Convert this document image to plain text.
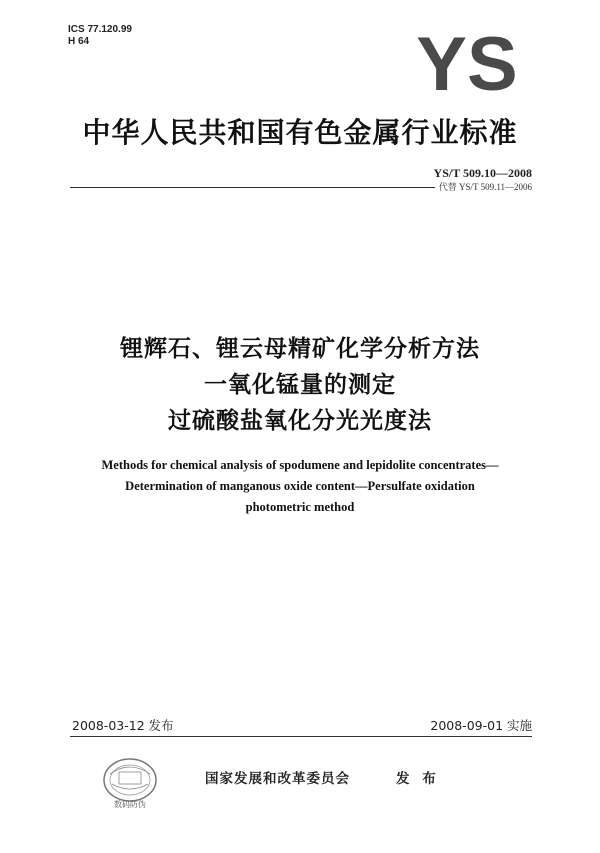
ICS 77.120.99
H 64	YS
中华人民共和国有色金属行业标准
YS/T 509.10—2008
代替 YS/T 509.11—2006
锂辉石、锂云母精矿化学分析方法
一氧化锰量的测定
过硫酸盐氧化分光光度法
Methods for chemical analysis of spodumene and lepidolite concentrates—
Determination of manganous oxide content—Persulfate oxidation
photometric method
2008-03-12 发布	2008-09-01 实施
数码防伪
国家发展和改革委员会	发 布
